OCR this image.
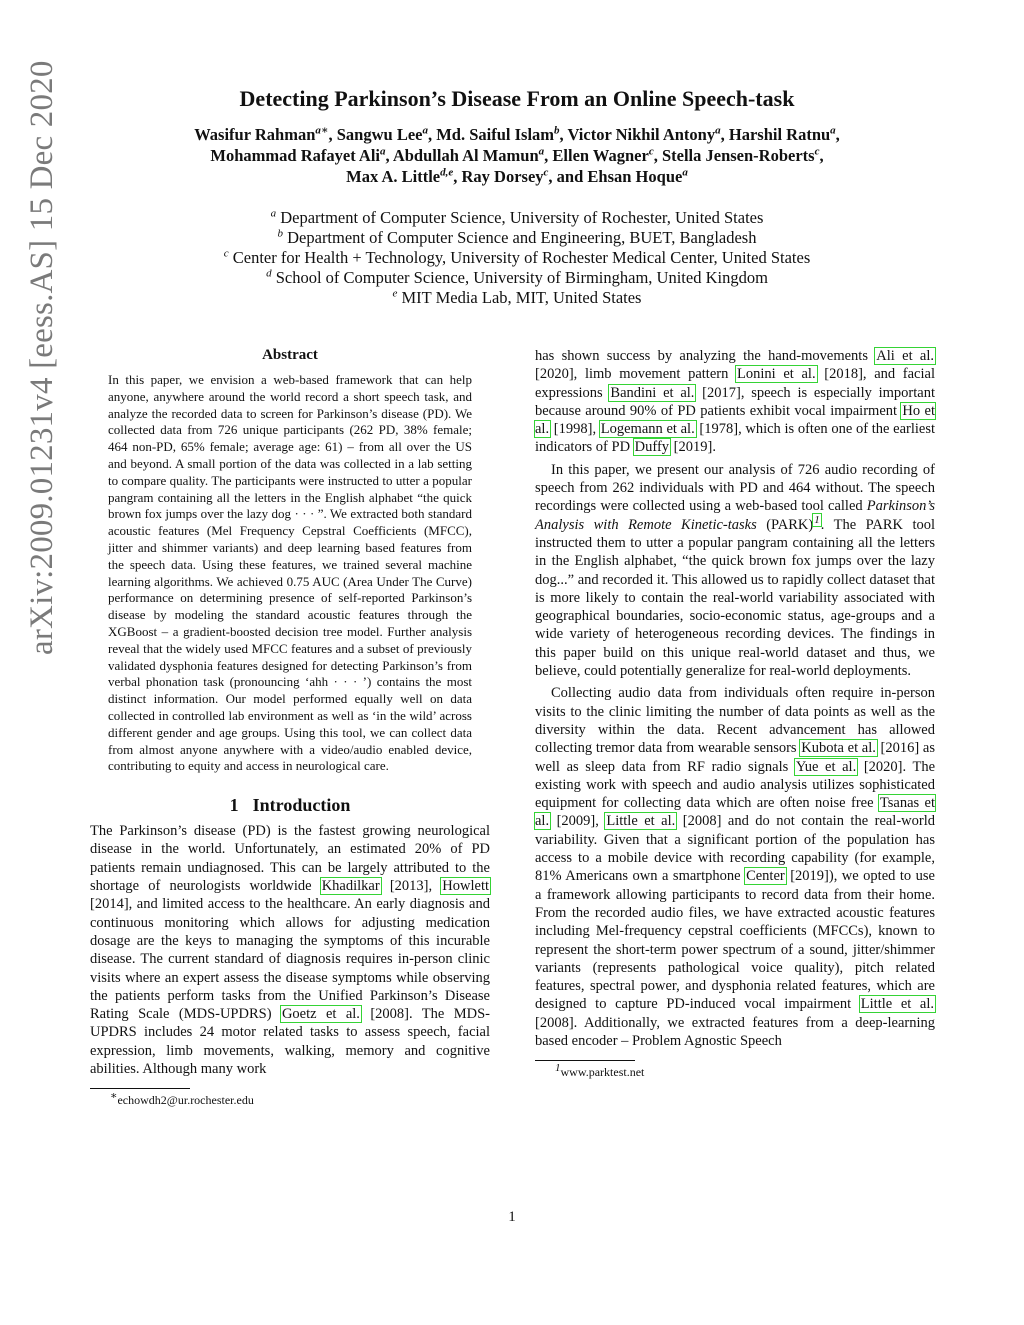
arXiv:2009.01231v4 [eess.AS] 15 Dec 2020	Detecting Parkinson’s Disease From an Online Speech-task
Wasifur Rahman$^{a∗}$, Sangwu Lee$^a$, Md. Saiful Islam$^b$, Victor Nikhil Antony$^a$, Harshil Ratnu$^a$,
Mohammad Rafayet Ali$^a$, Abdullah Al Mamun$^a$, Ellen Wagner$^c$, Stella Jensen-Roberts$^c$,
Max A. Little$^{d,e}$, Ray Dorsey$^c$, and Ehsan Hoque$^a$
$^a$ Department of Computer Science, University of Rochester, United States
$^b$ Department of Computer Science and Engineering, BUET, Bangladesh
$^c$ Center for Health + Technology, University of Rochester Medical Center, United States
$^d$ School of Computer Science, University of Birmingham, United Kingdom
$^e$ MIT Media Lab, MIT, United States
Abstract

In this paper, we envision a web-based framework that can help anyone, anywhere around the world record a short speech task, and analyze the recorded data to screen for Parkinson’s disease (PD). We collected data from 726 unique participants (262 PD, 38% female; 464 non-PD, 65% female; average age: 61) – from all over the US and beyond. A small portion of the data was collected in a lab setting to compare quality. The participants were instructed to utter a popular pangram containing all the letters in the English alphabet “the quick brown fox jumps over the lazy dog · · · ”. We extracted both standard acoustic features (Mel Frequency Cepstral Coefficients (MFCC), jitter and shimmer variants) and deep learning based features from the speech data. Using these features, we trained several machine learning algorithms. We achieved 0.75 AUC (Area Under The Curve) performance on determining presence of self-reported Parkinson’s disease by modeling the standard acoustic features through the XGBoost – a gradient-boosted decision tree model. Further analysis reveal that the widely used MFCC features and a subset of previously validated dysphonia features designed for detecting Parkinson’s from verbal phonation task (pronouncing ‘ahh · · · ’) contains the most distinct information. Our model performed equally well on data collected in controlled lab environment as well as ‘in the wild’ across different gender and age groups. Using this tool, we can collect data from almost anyone anywhere with a video/audio enabled device, contributing to equity and access in neurological care.

1 Introduction

The Parkinson’s disease (PD) is the fastest growing neurological disease in the world. Unfortunately, an estimated 20% of PD patients remain undiagnosed. This can be largely attributed to the shortage of neurologists worldwide Khadilkar [2013], Howlett [2014], and limited access to the healthcare. An early diagnosis and continuous monitoring which allows for adjusting medication dosage are the keys to managing the symptoms of this incurable disease. The current standard of diagnosis requires in-person clinic visits where an expert assess the disease symptoms while observing the patients perform tasks from the Unified Parkinson’s Disease Rating Scale (MDS-UPDRS) Goetz et al. [2008]. The MDS-UPDRS includes 24 motor related tasks to assess speech, facial expression, limb movements, walking, memory and cognitive abilities. Although many work

∗echowdh2@ur.rochester.edu

has shown success by analyzing the hand-movements Ali et al. [2020], limb movement pattern Lonini et al. [2018], and facial expressions Bandini et al. [2017], speech is especially important because around 90% of PD patients exhibit vocal impairment Ho et al. [1998], Logemann et al. [1978], which is often one of the earliest indicators of PD Duffy [2019].

In this paper, we present our analysis of 726 audio recording of speech from 262 individuals with PD and 464 without. The speech recordings were collected using a web-based tool called Parkinson’s Analysis with Remote Kinetic-tasks (PARK)$^1$. The PARK tool instructed them to utter a popular pangram containing all the letters in the English alphabet, “the quick brown fox jumps over the lazy dog...” and recorded it. This allowed us to rapidly collect dataset that is more likely to contain the real-world variability associated with geographical boundaries, socio-economic status, age-groups and a wide variety of heterogeneous recording devices. The findings in this paper build on this unique real-world dataset and thus, we believe, could potentially generalize for real-world deployments.

Collecting audio data from individuals often require in-person visits to the clinic limiting the number of data points as well as the diversity within the data. Recent advancement has allowed collecting tremor data from wearable sensors Kubota et al. [2016] as well as sleep data from RF radio signals Yue et al. [2020]. The existing work with speech and audio analysis utilizes sophisticated equipment for collecting data which are often noise free Tsanas et al. [2009], Little et al. [2008] and do not contain the real-world variability. Given that a significant portion of the population has access to a mobile device with recording capability (for example, 81% Americans own a smartphone Center [2019]), we opted to use a framework allowing participants to record data from their home. From the recorded audio files, we have extracted acoustic features including Mel-frequency cepstral coefficients (MFCCs), known to represent the short-term power spectrum of a sound, jitter/shimmer variants (represents pathological voice quality), pitch related features, spectral power, and dysphonia related features, which are designed to capture PD-induced vocal impairment Little et al. [2008]. Additionally, we extracted features from a deep-learning based encoder – Problem Agnostic Speech

$^1$www.parktest.net
1
